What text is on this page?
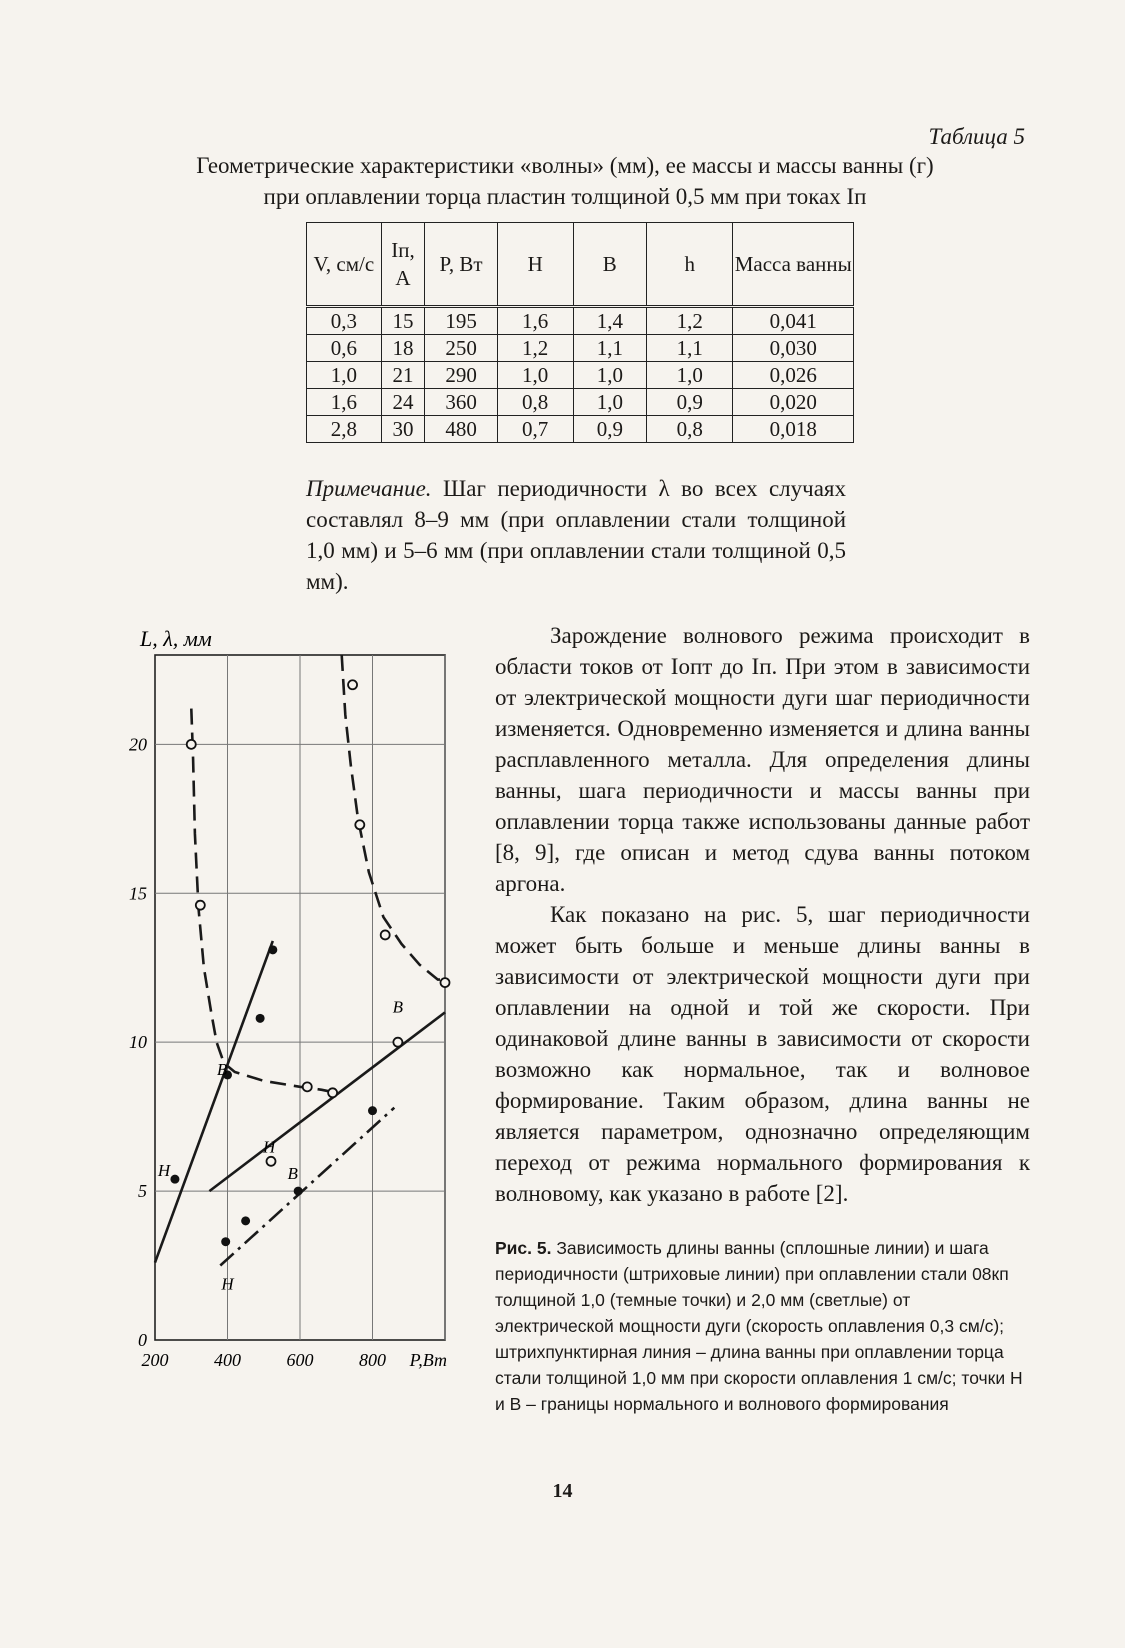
Таблица 5
Геометрические характеристики «волны» (мм), ее массы и массы ванны (г)
при оплавлении торца пластин толщиной 0,5 мм при токах Iп
V, см/с	Iп, А	P, Вт	H	B	h	Масса ванны
0,3	15	195	1,6	1,4	1,2	0,041
0,6	18	250	1,2	1,1	1,1	0,030
1,0	21	290	1,0	1,0	1,0	0,026
1,6	24	360	0,8	1,0	0,9	0,020
2,8	30	480	0,7	0,9	0,8	0,018
Примечание. Шаг периодичности λ во всех случаях составлял 8–9 мм (при оплавлении стали толщиной 1,0 мм) и 5–6 мм (при оплавлении стали толщиной 0,5 мм).
200	400	600	800
0
5
10
15
20
L, λ, мм
P,Вт
Н
Н
В
Н
В
В

Зарождение волнового режима происходит в области токов от Iопт до Iп. При этом в зависимости от электрической мощности дуги шаг периодичности изменяется. Одновременно изменяется и длина ванны расплавленного металла. Для определения длины ванны, шага периодичности и массы ванны при оплавлении торца также использованы данные работ [8, 9], где описан и метод сдува ванны потоком аргона.

Как показано на рис. 5, шаг периодичности может быть больше и меньше длины ванны в зависимости от электрической мощности дуги при оплавлении на одной и той же скорости. При одинаковой длине ванны в зависимости от скорости возможно как нормальное, так и волновое формирование. Таким образом, длина ванны не является параметром, однозначно определяющим переход от режима нормального формирования к волновому, как указано в работе [2].

Рис. 5. Зависимость длины ванны (сплошные линии) и шага периодичности (штриховые линии) при оплавлении стали 08кп толщиной 1,0 (темные точки) и 2,0 мм (светлые) от электрической мощности дуги (скорость оплавления 0,3 см/с); штрихпунктирная линия – длина ванны при оплавлении торца стали толщиной 1,0 мм при скорости оплавления 1 см/с; точки H и B – границы нормального и волнового формирования
14
